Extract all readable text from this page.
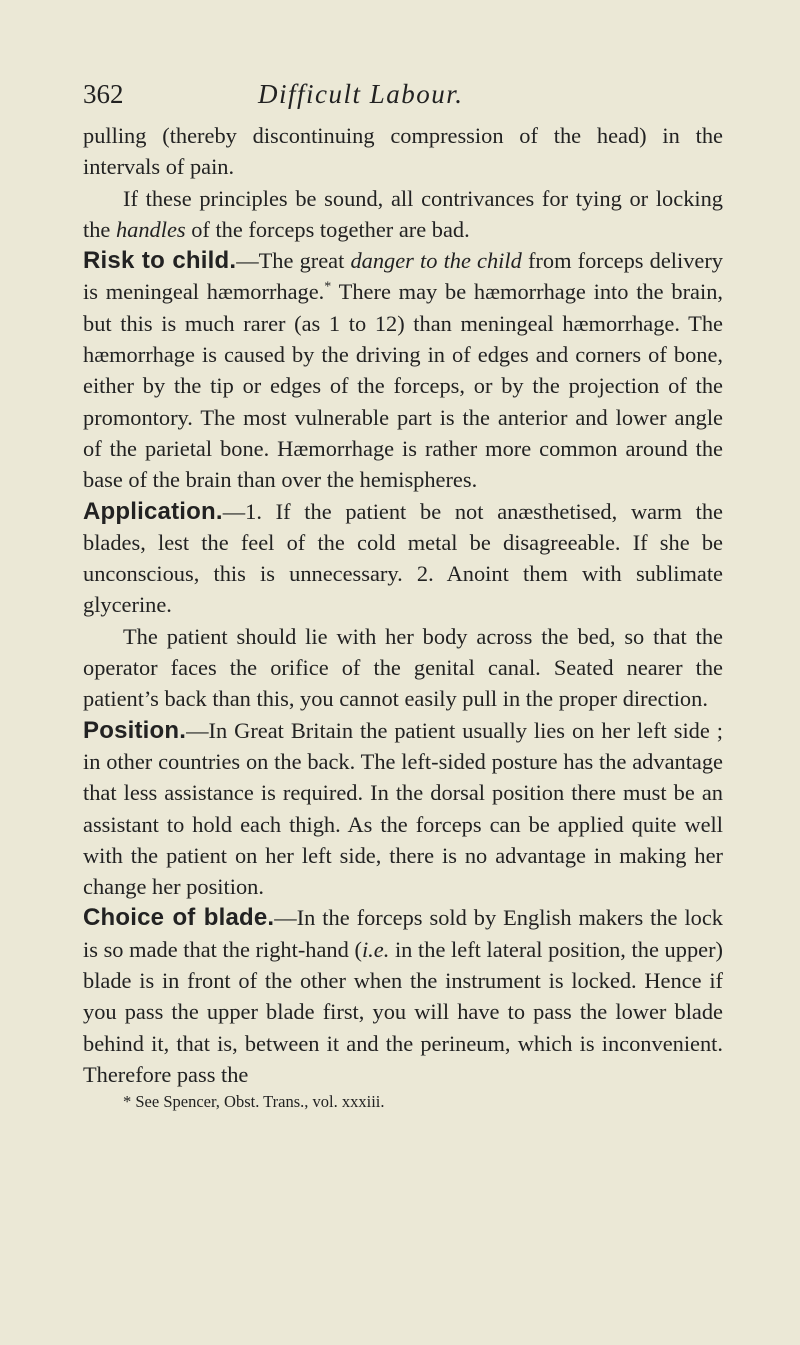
362	Difficult Labour.

pulling (thereby discontinuing compression of the head) in the intervals of pain.

If these principles be sound, all contrivances for tying or locking the handles of the forceps together are bad.

Risk to child.—The great danger to the child from forceps delivery is meningeal hæmorrhage.* There may be hæmorrhage into the brain, but this is much rarer (as 1 to 12) than meningeal hæmorrhage. The hæmorrhage is caused by the driving in of edges and corners of bone, either by the tip or edges of the forceps, or by the projection of the promontory. The most vulnerable part is the anterior and lower angle of the parietal bone. Hæmorrhage is rather more common around the base of the brain than over the hemispheres.

Application.—1. If the patient be not anæsthetised, warm the blades, lest the feel of the cold metal be disagreeable. If she be unconscious, this is unnecessary. 2. Anoint them with sublimate glycerine.

The patient should lie with her body across the bed, so that the operator faces the orifice of the genital canal. Seated nearer the patient’s back than this, you cannot easily pull in the proper direction.

Position.—In Great Britain the patient usually lies on her left side ; in other countries on the back. The left-sided posture has the advantage that less assistance is required. In the dorsal position there must be an assistant to hold each thigh. As the forceps can be applied quite well with the patient on her left side, there is no advantage in making her change her position.

Choice of blade.—In the forceps sold by English makers the lock is so made that the right-hand (i.e. in the left lateral position, the upper) blade is in front of the other when the instrument is locked. Hence if you pass the upper blade first, you will have to pass the lower blade behind it, that is, between it and the perineum, which is inconvenient. Therefore pass the

* See Spencer, Obst. Trans., vol. xxxiii.
